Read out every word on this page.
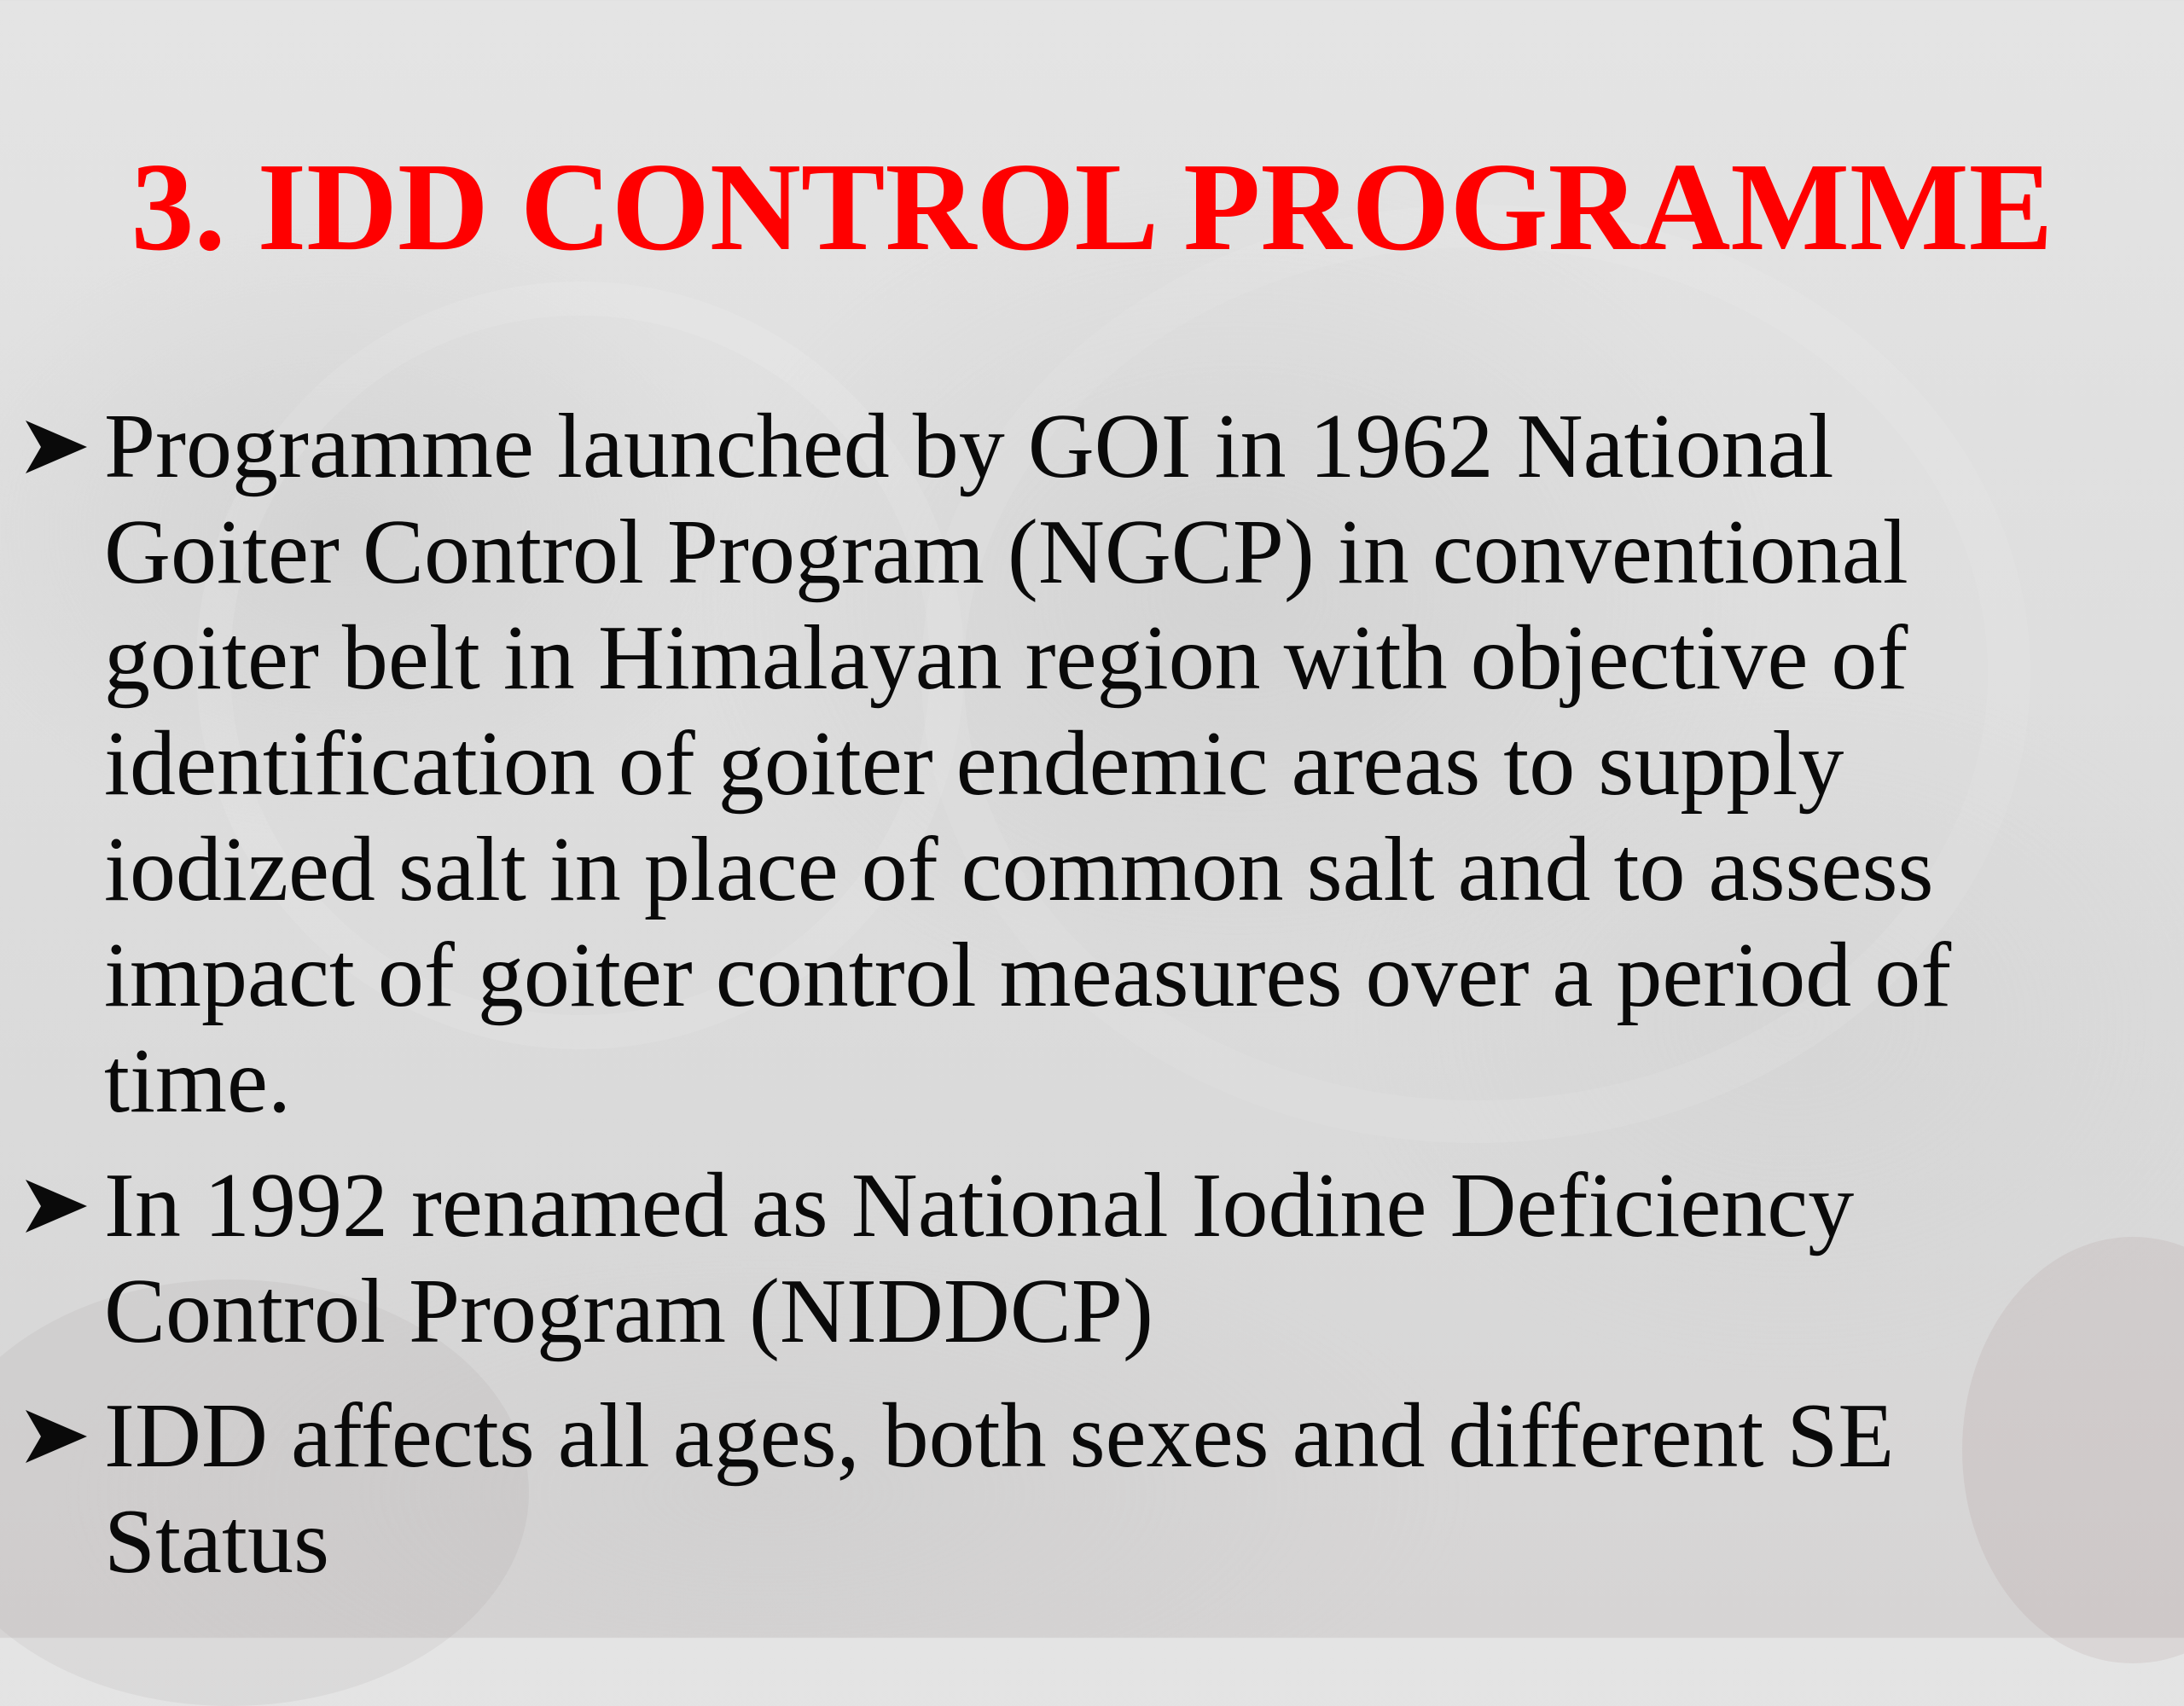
3. IDD CONTROL PROGRAMME
Programme launched by GOI in 1962 National
Goiter Control Program (NGCP) in conventional
goiter belt in Himalayan region with objective of
identification of goiter endemic areas to supply
iodized salt in place of common salt and to assess
impact of goiter control measures over a period of
time.
In 1992 renamed as National Iodine Deficiency
Control Program (NIDDCP)
IDD affects all ages, both sexes and different SE
Status
